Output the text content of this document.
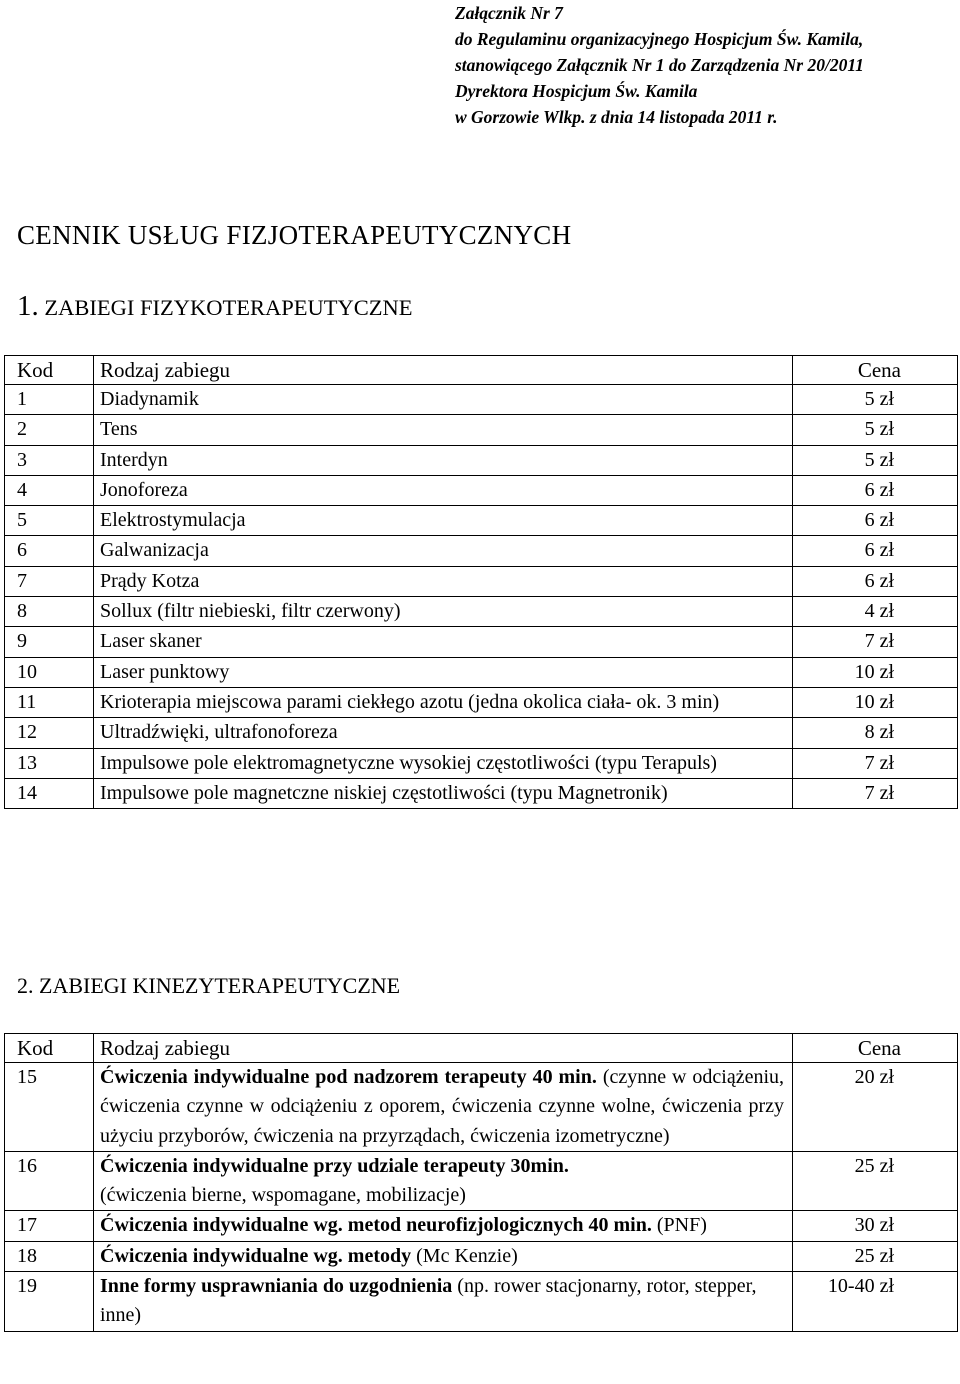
Załącznik Nr 7
do Regulaminu organizacyjnego Hospicjum Św. Kamila,
stanowiącego Załącznik Nr 1 do Zarządzenia Nr 20/2011
Dyrektora Hospicjum Św. Kamila
w Gorzowie Wlkp. z dnia 14 listopada 2011 r.
CENNIK USŁUG FIZJOTERAPEUTYCZNYCH
1. ZABIEGI FIZYKOTERAPEUTYCZNE
Kod	Rodzaj zabiegu	Cena
1	Diadynamik	5 zł
2	Tens	5 zł
3	Interdyn	5 zł
4	Jonoforeza	6 zł
5	Elektrostymulacja	6 zł
6	Galwanizacja	6 zł
7	Prądy Kotza	6 zł
8	Sollux (filtr niebieski, filtr czerwony)	4 zł
9	Laser skaner	7 zł
10	Laser punktowy	10 zł
11	Krioterapia miejscowa parami ciekłego azotu (jedna okolica ciała- ok. 3 min)	10 zł
12	Ultradźwięki, ultrafonoforeza	8 zł
13	Impulsowe pole elektromagnetyczne wysokiej częstotliwości (typu Terapuls)	7 zł
14	Impulsowe pole magnetczne niskiej częstotliwości (typu Magnetronik)	7 zł
2. ZABIEGI KINEZYTERAPEUTYCZNE
Kod	Rodzaj zabiegu	Cena
15	Ćwiczenia indywidualne pod nadzorem terapeuty 40 min. (czynne w odciążeniu, ćwiczenia czynne w odciążeniu z oporem, ćwiczenia czynne wolne, ćwiczenia przy użyciu przyborów, ćwiczenia na przyrządach, ćwiczenia izometryczne)	20 zł
16	Ćwiczenia indywidualne przy udziale terapeuty 30min.
(ćwiczenia bierne, wspomagane, mobilizacje)	25 zł
17	Ćwiczenia indywidualne wg. metod neurofizjologicznych 40 min. (PNF)	30 zł
18	Ćwiczenia indywidualne wg. metody (Mc Kenzie)	25 zł
19	Inne formy usprawniania do uzgodnienia (np. rower stacjonarny, rotor, stepper, inne)	10-40 zł
